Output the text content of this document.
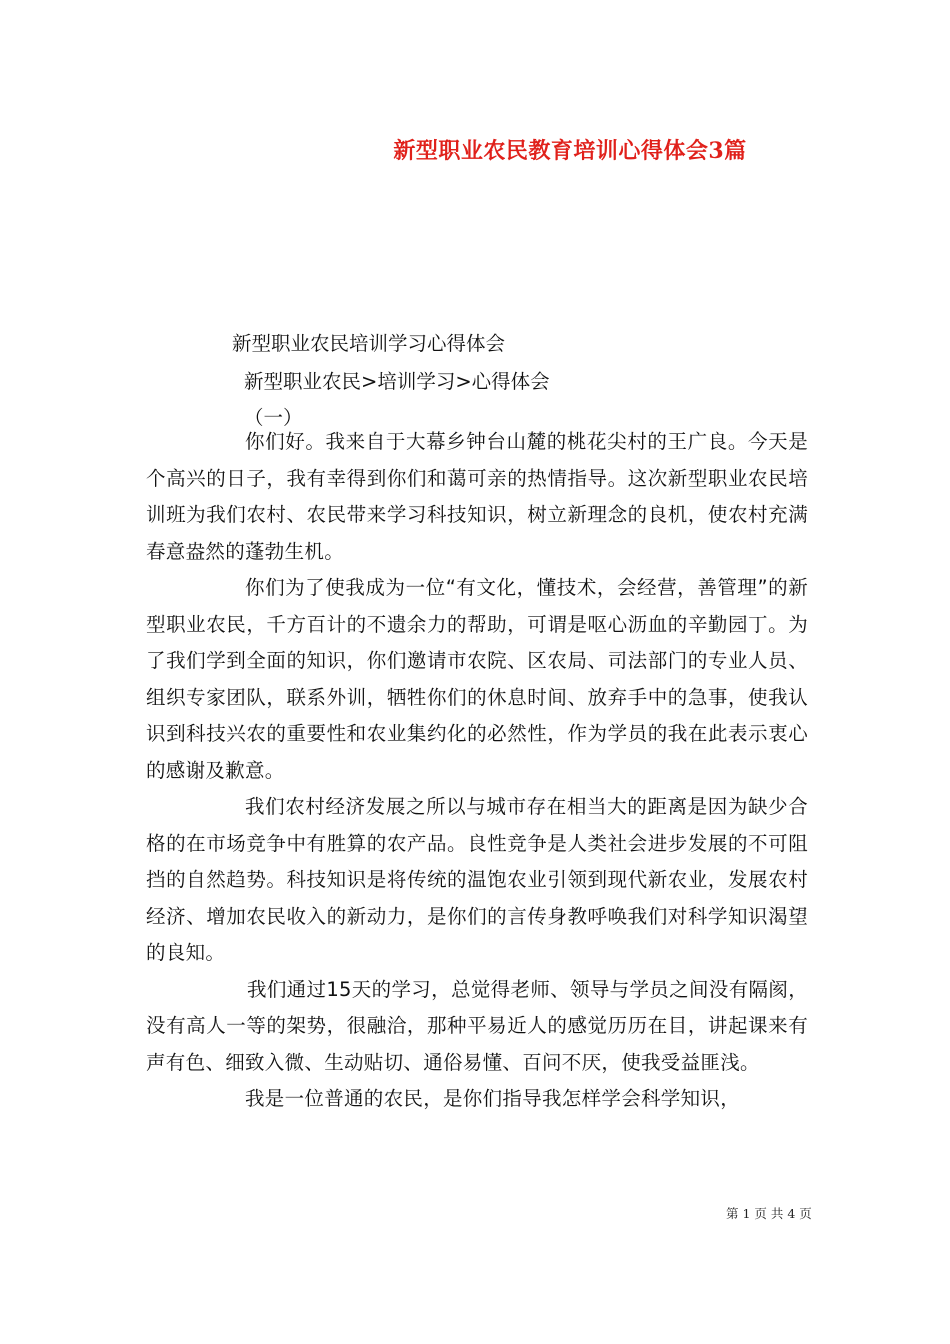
新型职业农民教育培训心得体会3篇
新型职业农民培训学习心得体会
新型职业农民>培训学习>心得体会
（一）

你们好。我来自于大幕乡钟台山麓的桃花尖村的王广良。今天是个高兴的日子，我有幸得到你们和蔼可亲的热情指导。这次新型职业农民培训班为我们农村、农民带来学习科技知识，树立新理念的良机，使农村充满春意盎然的蓬勃生机。

你们为了使我成为一位“有文化，懂技术，会经营，善管理”的新型职业农民，千方百计的不遗余力的帮助，可谓是呕心沥血的辛勤园丁。为了我们学到全面的知识，你们邀请市农院、区农局、司法部门的专业人员、组织专家团队，联系外训，牺牲你们的休息时间、放弃手中的急事，使我认识到科技兴农的重要性和农业集约化的必然性，作为学员的我在此表示衷心的感谢及歉意。

我们农村经济发展之所以与城市存在相当大的距离是因为缺少合格的在市场竞争中有胜算的农产品。良性竞争是人类社会进步发展的不可阻挡的自然趋势。科技知识是将传统的温饱农业引领到现代新农业，发展农村经济、增加农民收入的新动力，是你们的言传身教呼唤我们对科学知识渴望的良知。

我们通过15天的学习，总觉得老师、领导与学员之间没有隔阂，没有高人一等的架势，很融洽，那种平易近人的感觉历历在目，讲起课来有声有色、细致入微、生动贴切、通俗易懂、百问不厌，使我受益匪浅。

我是一位普通的农民，是你们指导我怎样学会科学知识，

第 1 页 共 4 页
